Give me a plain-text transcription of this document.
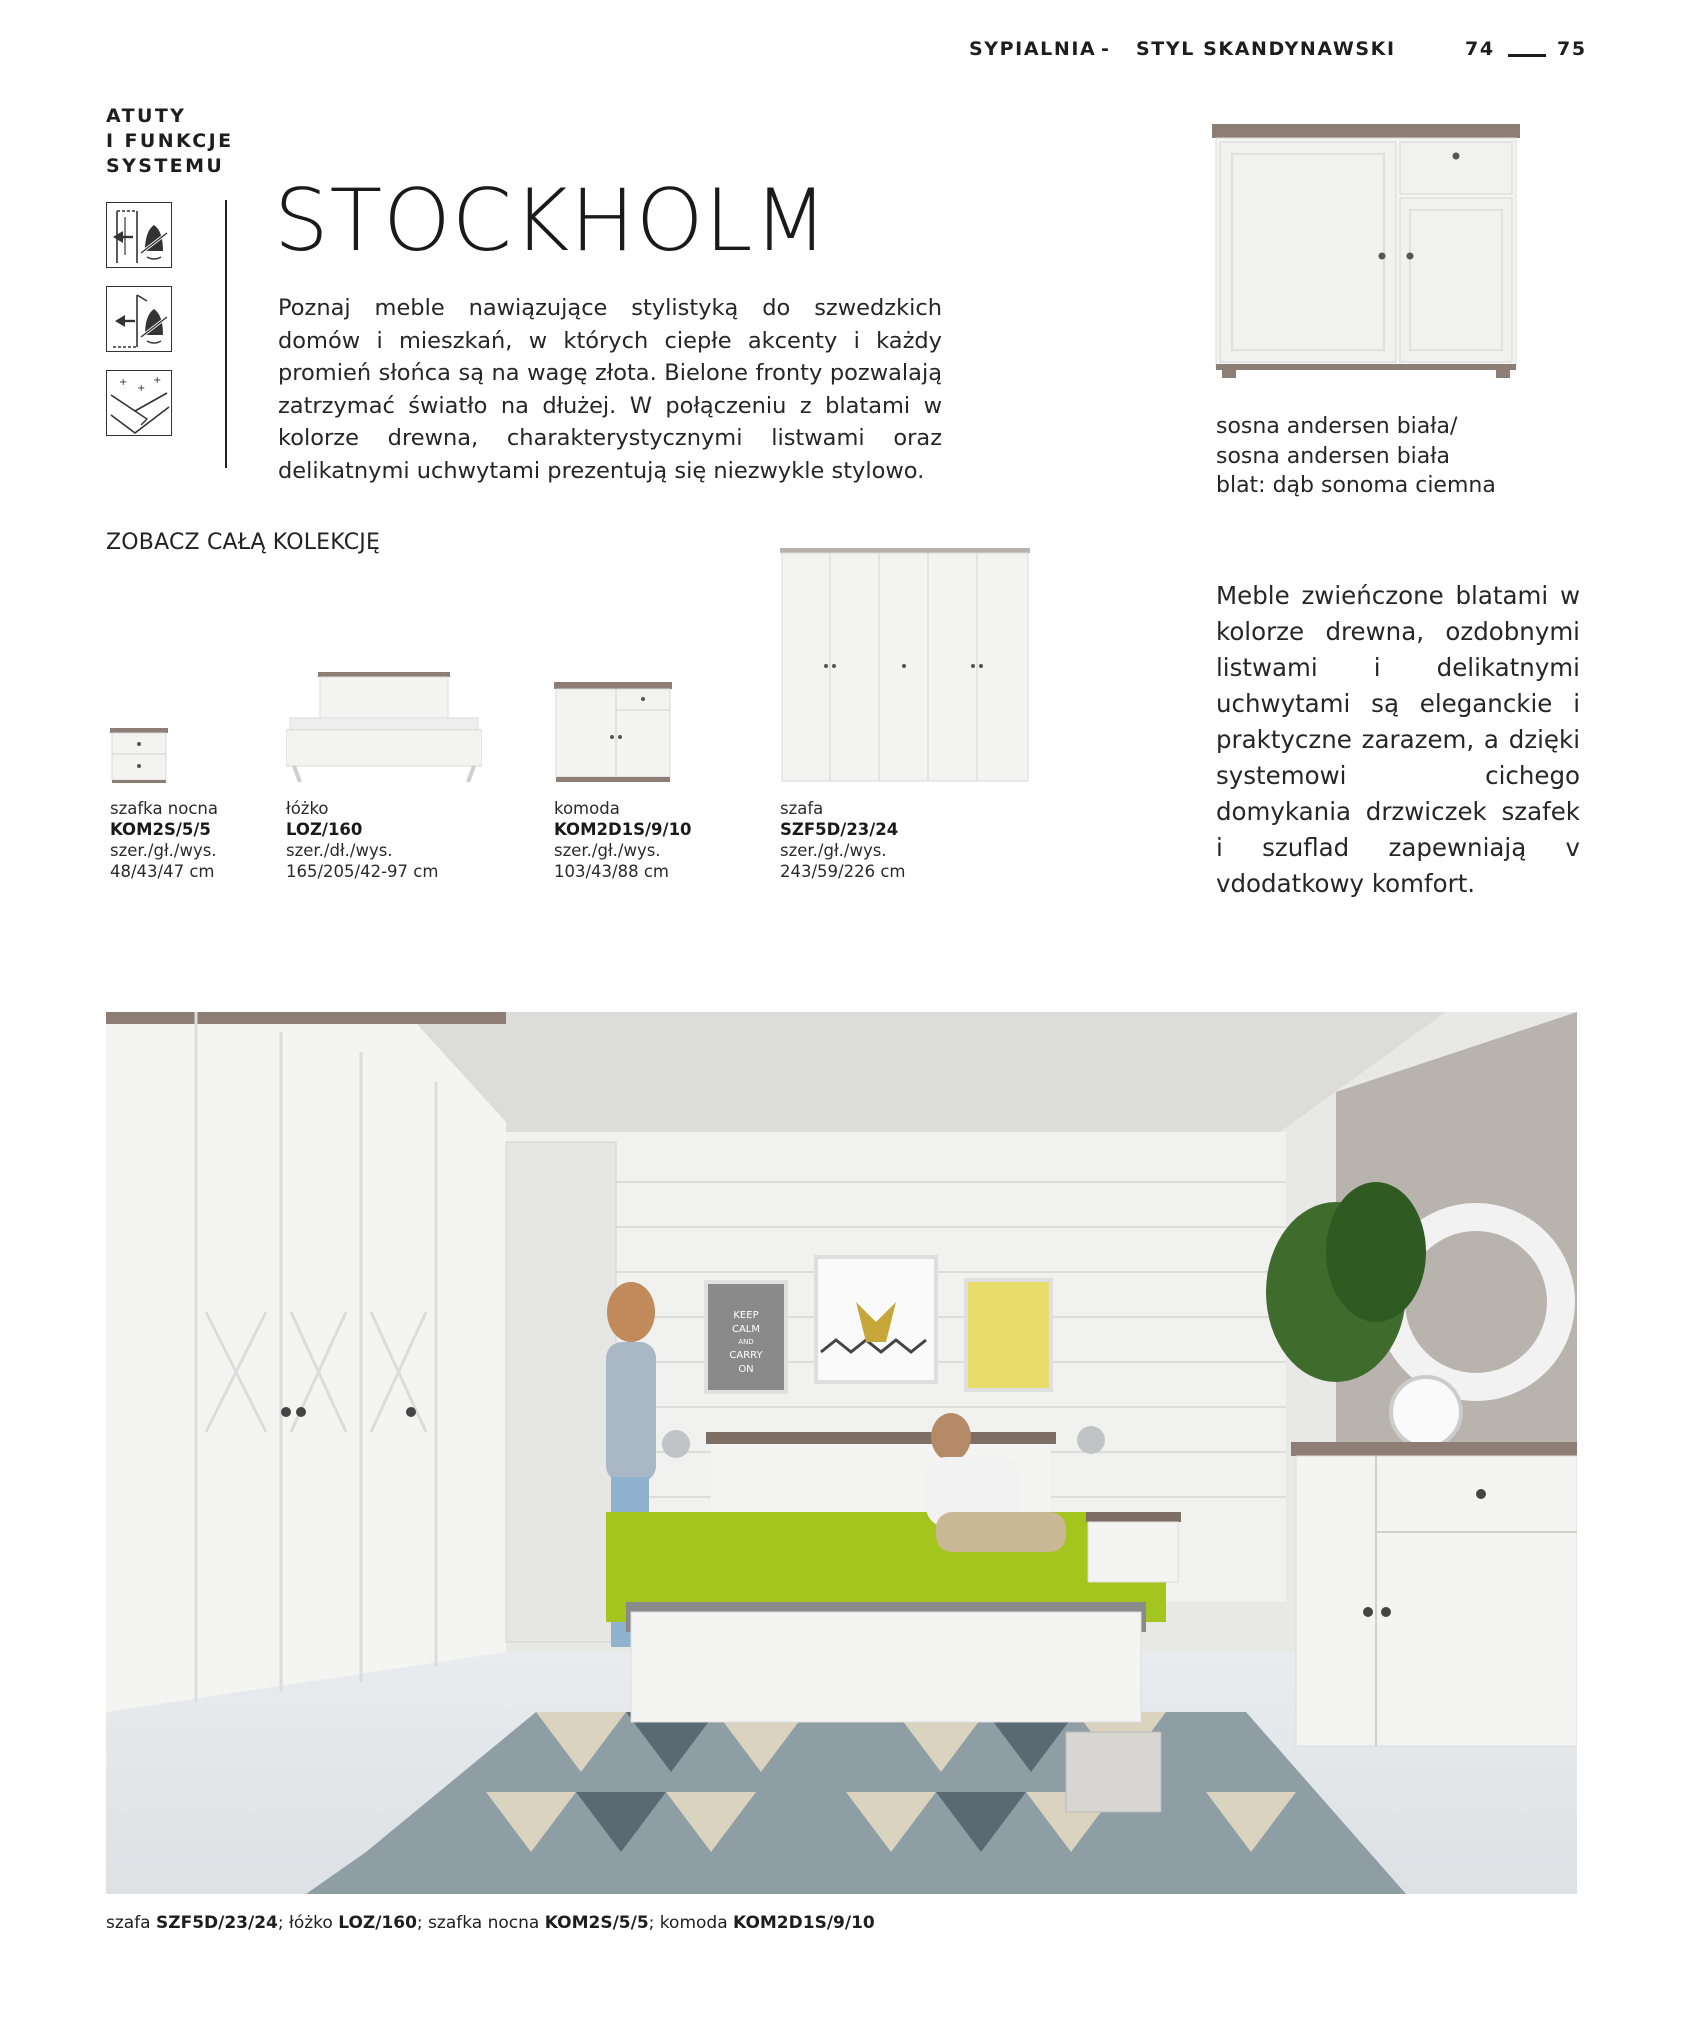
SYPIALNIA - STYL SKANDYNAWSKI	74	75
ATUTY
I FUNKCJE
SYSTEMU
+
+
+
STOCKHOLM
Poznaj meble nawiązujące stylistyką do szwedzkich domów i mieszkań, w których ciepłe akcenty i każdy promień słońca są na wagę złota. Bielone fronty pozwalają zatrzymać światło na dłużej. W połączeniu z blatami w kolorze drewna, charakterystycznymi listwami oraz delikatnymi uchwytami prezentują się niezwykle stylowo.
ZOBACZ CAŁĄ KOLEKCJĘ
sosna andersen biała/
sosna andersen biała
blat: dąb sonoma ciemna
Meble zwieńczone blatami w kolorze drewna, ozdobnymi listwami i delikatnymi uchwytami są eleganckie i praktyczne zarazem, a dzięki systemowi cichego domykania drzwiczek szafek i szuflad zapewniają v vdodatkowy komfort.
szafka nocna
KOM2S/5/5
szer./gł./wys.
48/43/47 cm
łóżko
LOZ/160
szer./dł./wys.
165/205/42-97 cm
komoda
KOM2D1S/9/10
szer./gł./wys.
103/43/88 cm
szafa
SZF5D/23/24
szer./gł./wys.
243/59/226 cm
KEEP
CALM
AND
CARRY
ON
szafa SZF5D/23/24; łóżko LOZ/160; szafka nocna KOM2S/5/5; komoda KOM2D1S/9/10
